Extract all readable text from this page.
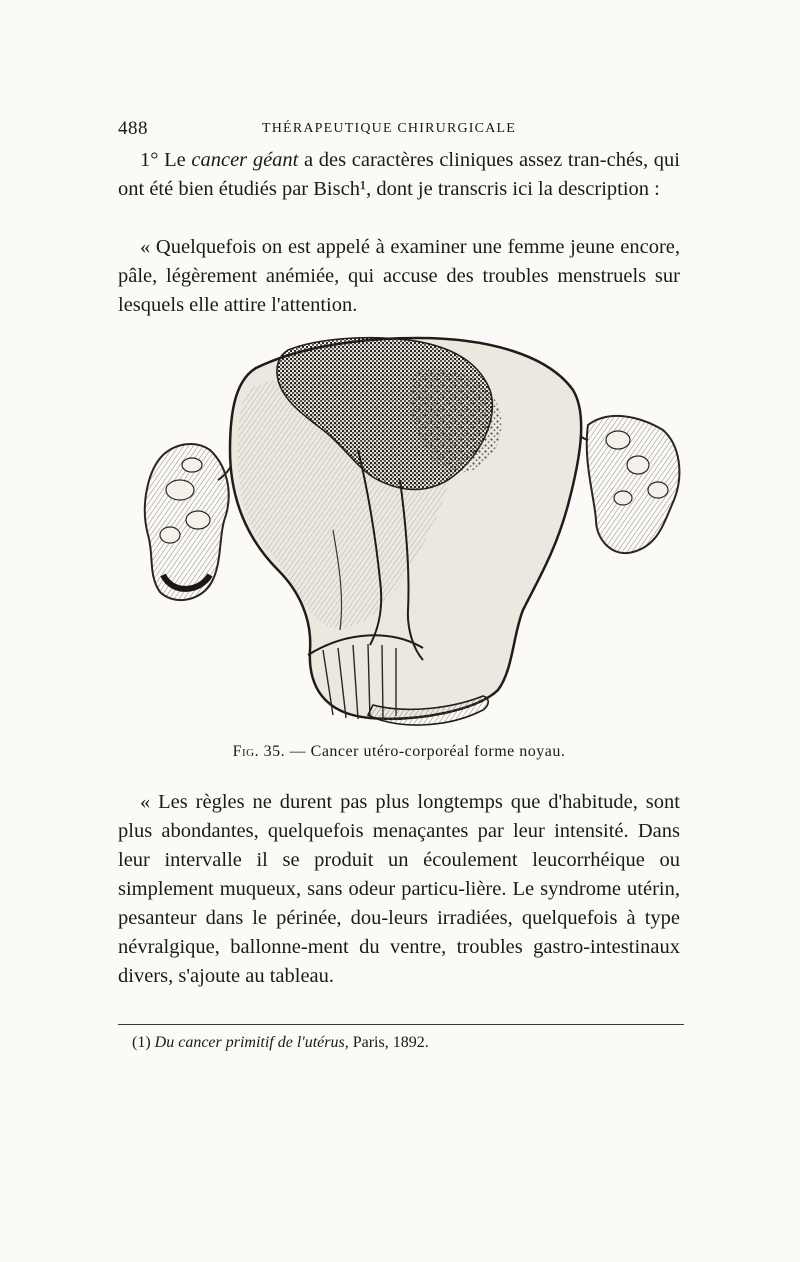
488	THÉRAPEUTIQUE CHIRURGICALE

1° Le cancer géant a des caractères cliniques assez tran-chés, qui ont été bien étudiés par Bisch¹, dont je transcris ici la description :

« Quelquefois on est appelé à examiner une femme jeune encore, pâle, légèrement anémiée, qui accuse des troubles menstruels sur lesquels elle attire l'attention.

Fig. 35. — Cancer utéro-corporéal forme noyau.

« Les règles ne durent pas plus longtemps que d'habitude, sont plus abondantes, quelquefois menaçantes par leur intensité. Dans leur intervalle il se produit un écoulement leucorrhéique ou simplement muqueux, sans odeur particu-lière. Le syndrome utérin, pesanteur dans le périnée, dou-leurs irradiées, quelquefois à type névralgique, ballonne-ment du ventre, troubles gastro-intestinaux divers, s'ajoute au tableau.

(1) Du cancer primitif de l'utérus, Paris, 1892.
